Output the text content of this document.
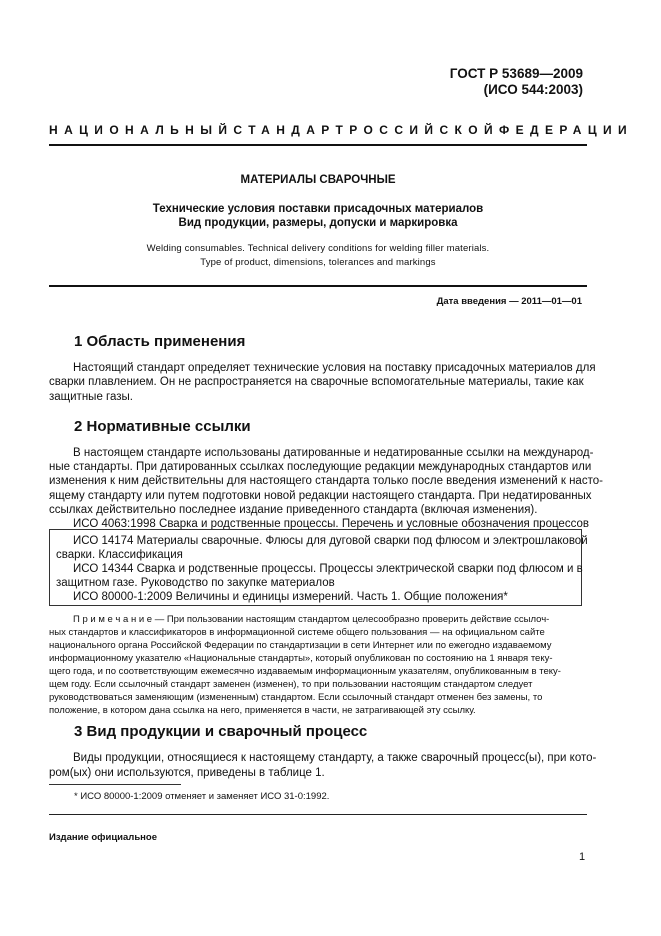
ГОСТ Р 53689—2009
(ИСО 544:2003)
НАЦИОНАЛЬНЫЙ СТАНДАРТ РОССИЙСКОЙ ФЕДЕРАЦИИ
МАТЕРИАЛЫ СВАРОЧНЫЕ
Технические условия поставки присадочных материалов
Вид продукции, размеры, допуски и маркировка
Welding consumables. Technical delivery conditions for welding filler materials.
Type of product, dimensions, tolerances and markings
Дата введения — 2011—01—01
1 Область применения
Настоящий стандарт определяет технические условия на поставку присадочных материалов для
сварки плавлением. Он не распространяется на сварочные вспомогательные материалы, такие как
защитные газы.
2 Нормативные ссылки
В настоящем стандарте использованы датированные и недатированные ссылки на международ-
ные стандарты. При датированных ссылках последующие редакции международных стандартов или
изменения к ним действительны для настоящего стандарта только после введения изменений к насто-
ящему стандарту или путем подготовки новой редакции настоящего стандарта. При недатированных
ссылках действительно последнее издание приведенного стандарта (включая изменения).
ИСО 4063:1998 Сварка и родственные процессы. Перечень и условные обозначения процессов
ИСО 14174 Материалы сварочные. Флюсы для дуговой сварки под флюсом и электрошлаковой
сварки. Классификация
ИСО 14344 Сварка и родственные процессы. Процессы электрической сварки под флюсом и в
защитном газе. Руководство по закупке материалов
ИСО 80000-1:2009 Величины и единицы измерений. Часть 1. Общие положения*
П р и м е ч а н и е — При пользовании настоящим стандартом целесообразно проверить действие ссылоч-
ных стандартов и классификаторов в информационной системе общего пользования — на официальном сайте
национального органа Российской Федерации по стандартизации в сети Интернет или по ежегодно издаваемому
информационному указателю «Национальные стандарты», который опубликован по состоянию на 1 января теку-
щего года, и по соответствующим ежемесячно издаваемым информационным указателям, опубликованным в теку-
щем году. Если ссылочный стандарт заменен (изменен), то при пользовании настоящим стандартом следует
руководствоваться заменяющим (измененным) стандартом. Если ссылочный стандарт отменен без замены, то
положение, в котором дана ссылка на него, применяется в части, не затрагивающей эту ссылку.
3 Вид продукции и сварочный процесс
Виды продукции, относящиеся к настоящему стандарту, а также сварочный процесс(ы), при кото-
ром(ых) они используются, приведены в таблице 1.
* ИСО 80000-1:2009 отменяет и заменяет ИСО 31-0:1992.
Издание официальное
1
